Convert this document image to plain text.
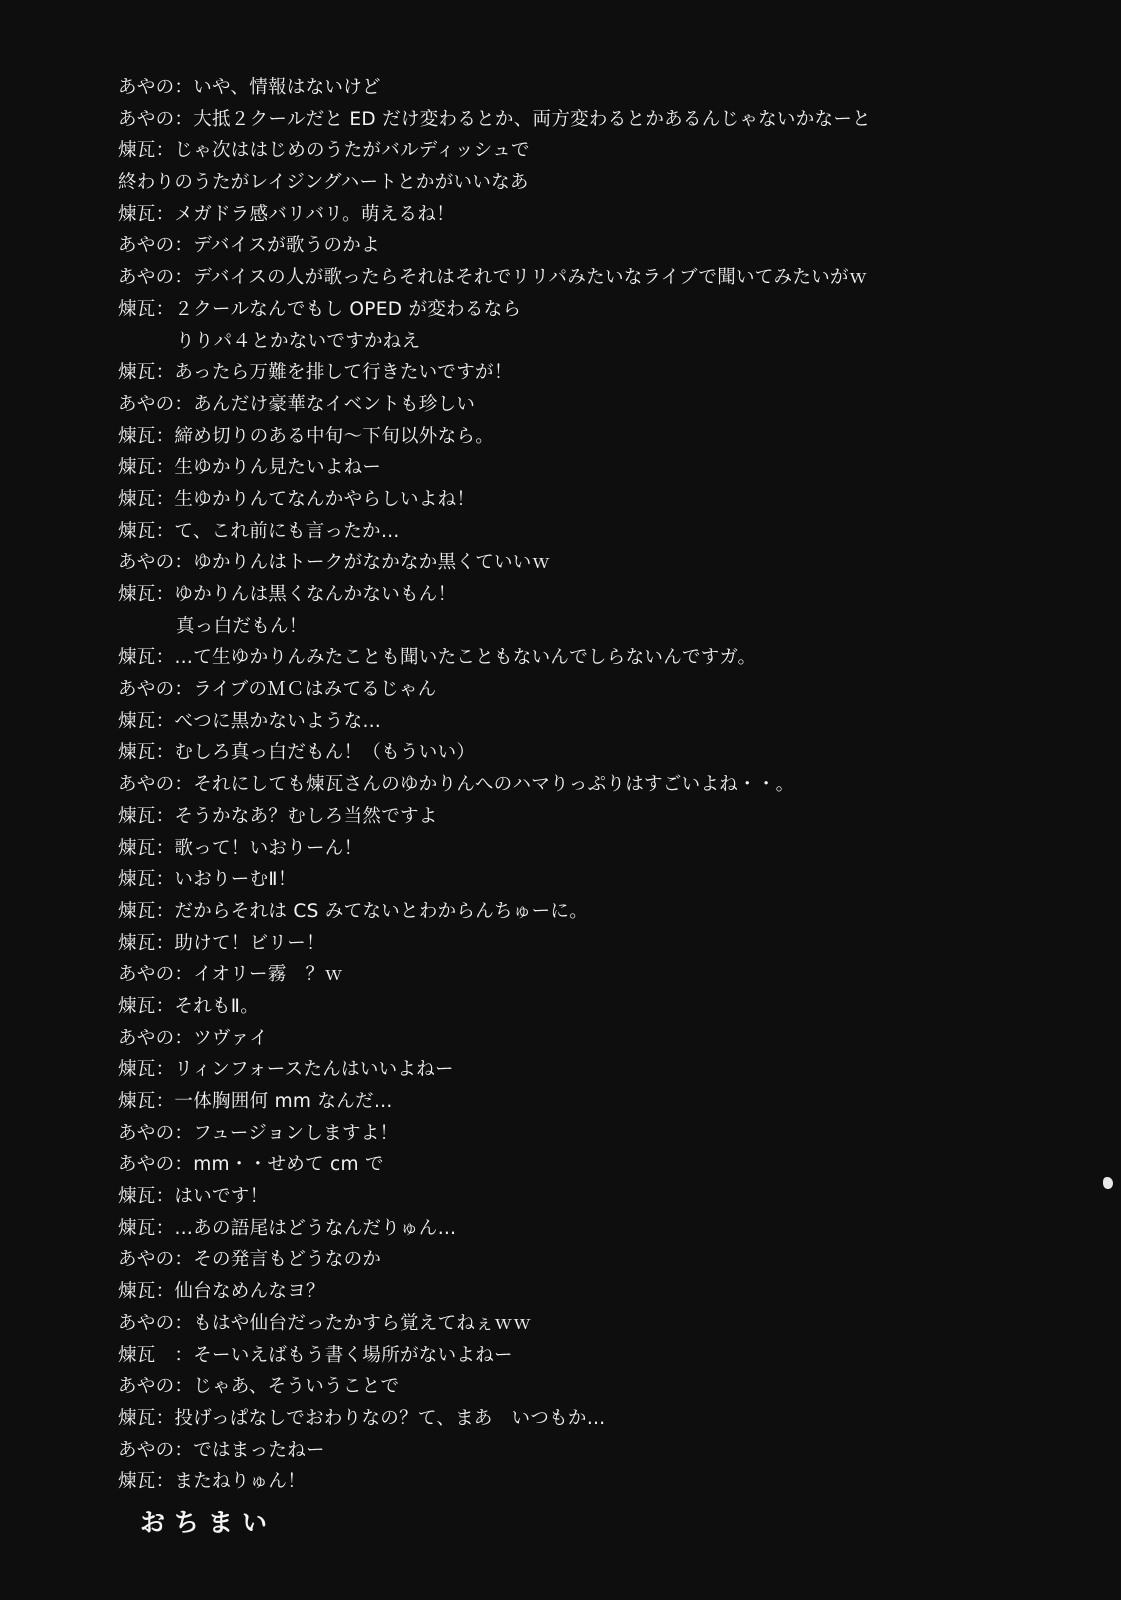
あやの：いや、情報はないけど
あやの：大抵２クールだと ED だけ変わるとか、両方変わるとかあるんじゃないかなーと
煉瓦：じゃ次ははじめのうたがバルディッシュで
終わりのうたがレイジングハートとかがいいなあ
煉瓦：メガドラ感バリバリ。萌えるね！
あやの：デバイスが歌うのかよ
あやの：デバイスの人が歌ったらそれはそれでリリパみたいなライブで聞いてみたいがｗ
煉瓦：２クールなんでもし OPED が変わるなら
りりパ４とかないですかねえ
煉瓦：あったら万難を排して行きたいですが！
あやの：あんだけ豪華なイベントも珍しい
煉瓦：締め切りのある中旬〜下旬以外なら。
煉瓦：生ゆかりん見たいよねー
煉瓦：生ゆかりんてなんかやらしいよね！
煉瓦：て、これ前にも言ったか…
あやの：ゆかりんはトークがなかなか黒くていいｗ
煉瓦：ゆかりんは黒くなんかないもん！
真っ白だもん！
煉瓦：…て生ゆかりんみたことも聞いたこともないんでしらないんですガ。
あやの：ライブのＭＣはみてるじゃん
煉瓦：べつに黒かないような…
煉瓦：むしろ真っ白だもん！（もういい）
あやの：それにしても煉瓦さんのゆかりんへのハマりっぷりはすごいよね・・。
煉瓦：そうかなあ？むしろ当然ですよ
煉瓦：歌って！いおりーん！
煉瓦：いおりーむⅡ！
煉瓦：だからそれは CS みてないとわからんちゅーに。
煉瓦：助けて！ビリー！
あやの：イオリー霧　？ｗ
煉瓦：それもⅡ。
あやの：ツヴァイ
煉瓦：リィンフォースたんはいいよねー
煉瓦：一体胸囲何 mm なんだ…
あやの：フュージョンしますよ！
あやの：mm・・せめて cm で
煉瓦：はいです！
煉瓦：…あの語尾はどうなんだりゅん…
あやの：その発言もどうなのか
煉瓦：仙台なめんなヨ？
あやの：もはや仙台だったかすら覚えてねぇｗｗ
煉瓦　：そーいえばもう書く場所がないよねー
あやの：じゃあ、そういうことで
煉瓦：投げっぱなしでおわりなの？て、まあ　いつもか…
あやの：ではまったねー
煉瓦：またねりゅん！
おちまい
